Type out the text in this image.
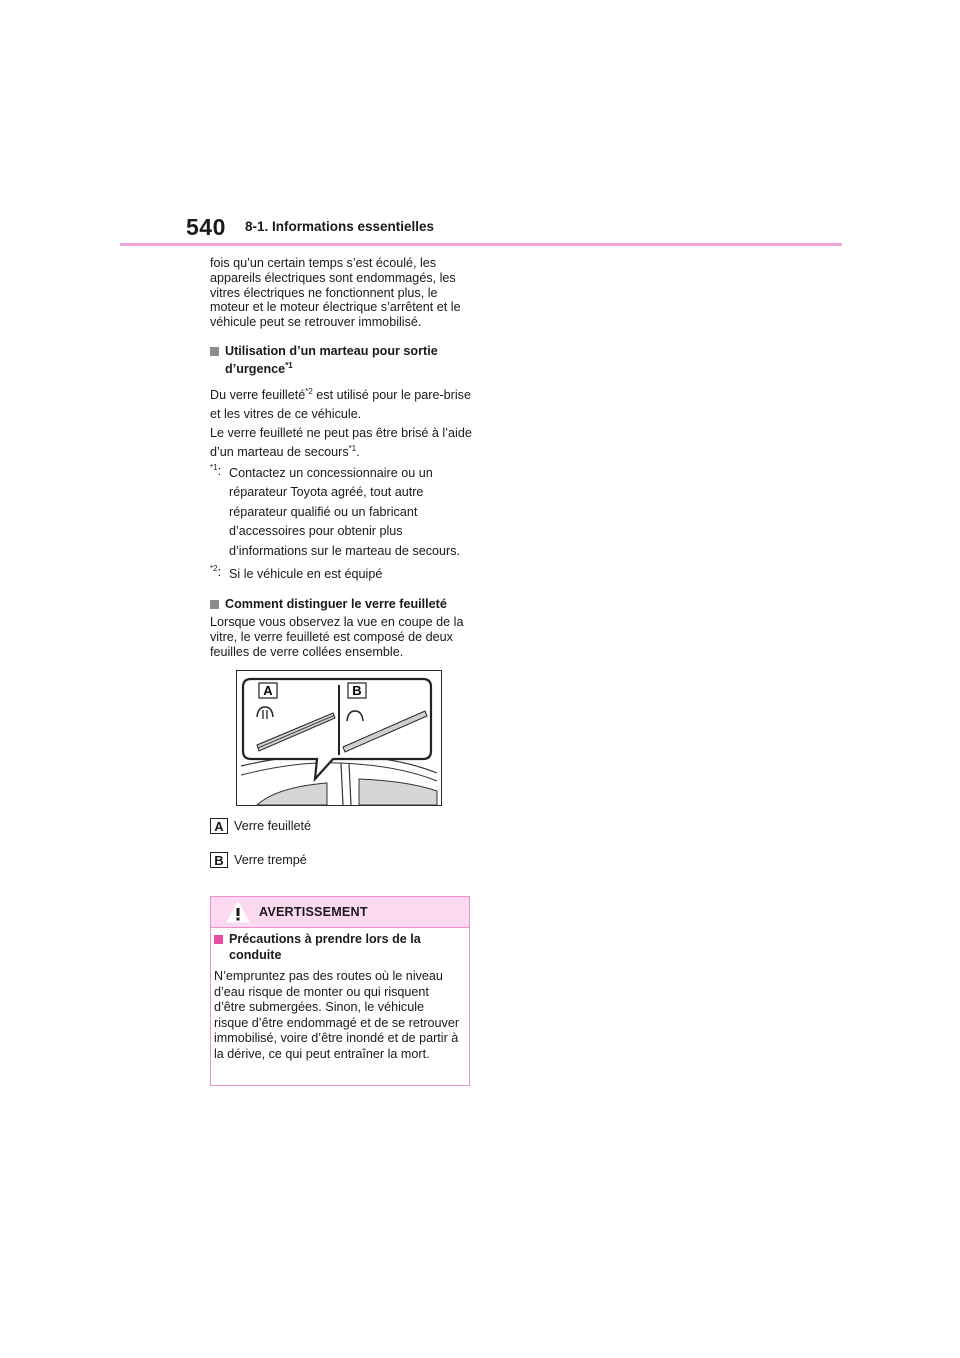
540 8-1. Informations essentielles

fois qu’un certain temps s’est écoulé, les appareils électriques sont endommagés, les vitres électriques ne fonctionnent plus, le moteur et le moteur électrique s’arrêtent et le véhicule peut se retrouver immobilisé.

Utilisation d’un marteau pour sortie d’urgence$^{*1}$

Du verre feuilleté$^{*2}$ est utilisé pour le pare-brise et les vitres de ce véhicule.

Le verre feuilleté ne peut pas être brisé à l’aide d’un marteau de secours$^{*1}$.

$^{*1}$: Contactez un concessionnaire ou un réparateur Toyota agréé, tout autre réparateur qualifié ou un fabricant d’accessoires pour obtenir plus d’informations sur le marteau de secours.
$^{*2}$: Si le véhicule en est équipé
Comment distinguer le verre feuilleté

Lorsque vous observez la vue en coupe de la vitre, le verre feuilleté est composé de deux feuilles de verre collées ensemble.

A	B
A Verre feuilleté
B Verre trempé
AVERTISSEMENT
Précautions à prendre lors de la conduite
N’empruntez pas des routes où le niveau d’eau risque de monter ou qui risquent d’être submergées. Sinon, le véhicule risque d’être endommagé et de se retrouver immobilisé, voire d’être inondé et de partir à la dérive, ce qui peut entraîner la mort.
